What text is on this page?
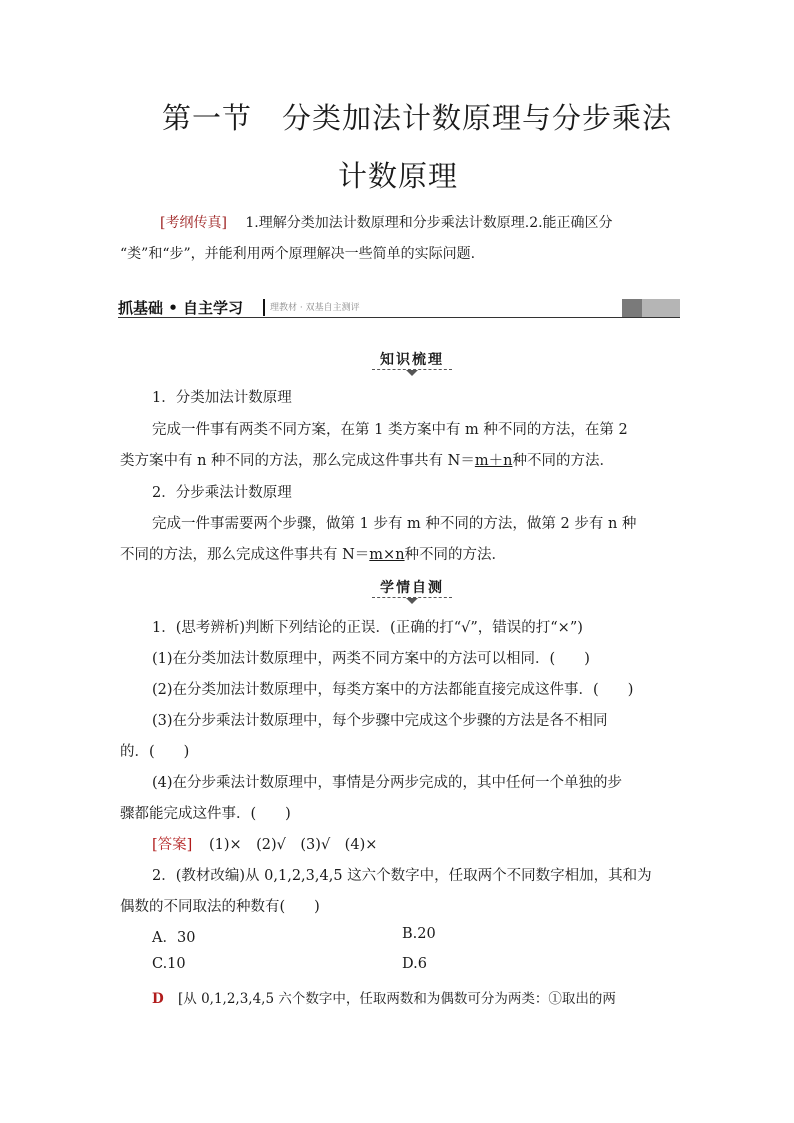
第一节　分类加法计数原理与分步乘法
计数原理
[考纲传真] 1.理解分类加法计数原理和分步乘法计数原理.2.能正确区分
“类”和“步”，并能利用两个原理解决一些简单的实际问题.
抓基础 • 自主学习	理教材 · 双基自主测评
知识梳理
1．分类加法计数原理
完成一件事有两类不同方案，在第 1 类方案中有 m 种不同的方法，在第 2
类方案中有 n 种不同的方法，那么完成这件事共有 N＝m＋n种不同的方法．
2．分步乘法计数原理
完成一件事需要两个步骤，做第 1 步有 m 种不同的方法，做第 2 步有 n 种
不同的方法，那么完成这件事共有 N＝m×n种不同的方法．
学情自测
1．(思考辨析)判断下列结论的正误．(正确的打“√”，错误的打“×”)
(1)在分类加法计数原理中，两类不同方案中的方法可以相同．(　　)
(2)在分类加法计数原理中，每类方案中的方法都能直接完成这件事．(　　)
(3)在分步乘法计数原理中，每个步骤中完成这个步骤的方法是各不相同
的．(　　)
(4)在分步乘法计数原理中，事情是分两步完成的，其中任何一个单独的步
骤都能完成这件事．(　　)
[答案] (1)×　(2)√　(3)√　(4)×
2．(教材改编)从 0,1,2,3,4,5 这六个数字中，任取两个不同数字相加，其和为
偶数的不同取法的种数有(　　)
A．30	B.20
C.10	D.6
D [从 0,1,2,3,4,5 六个数字中，任取两数和为偶数可分为两类：①取出的两
